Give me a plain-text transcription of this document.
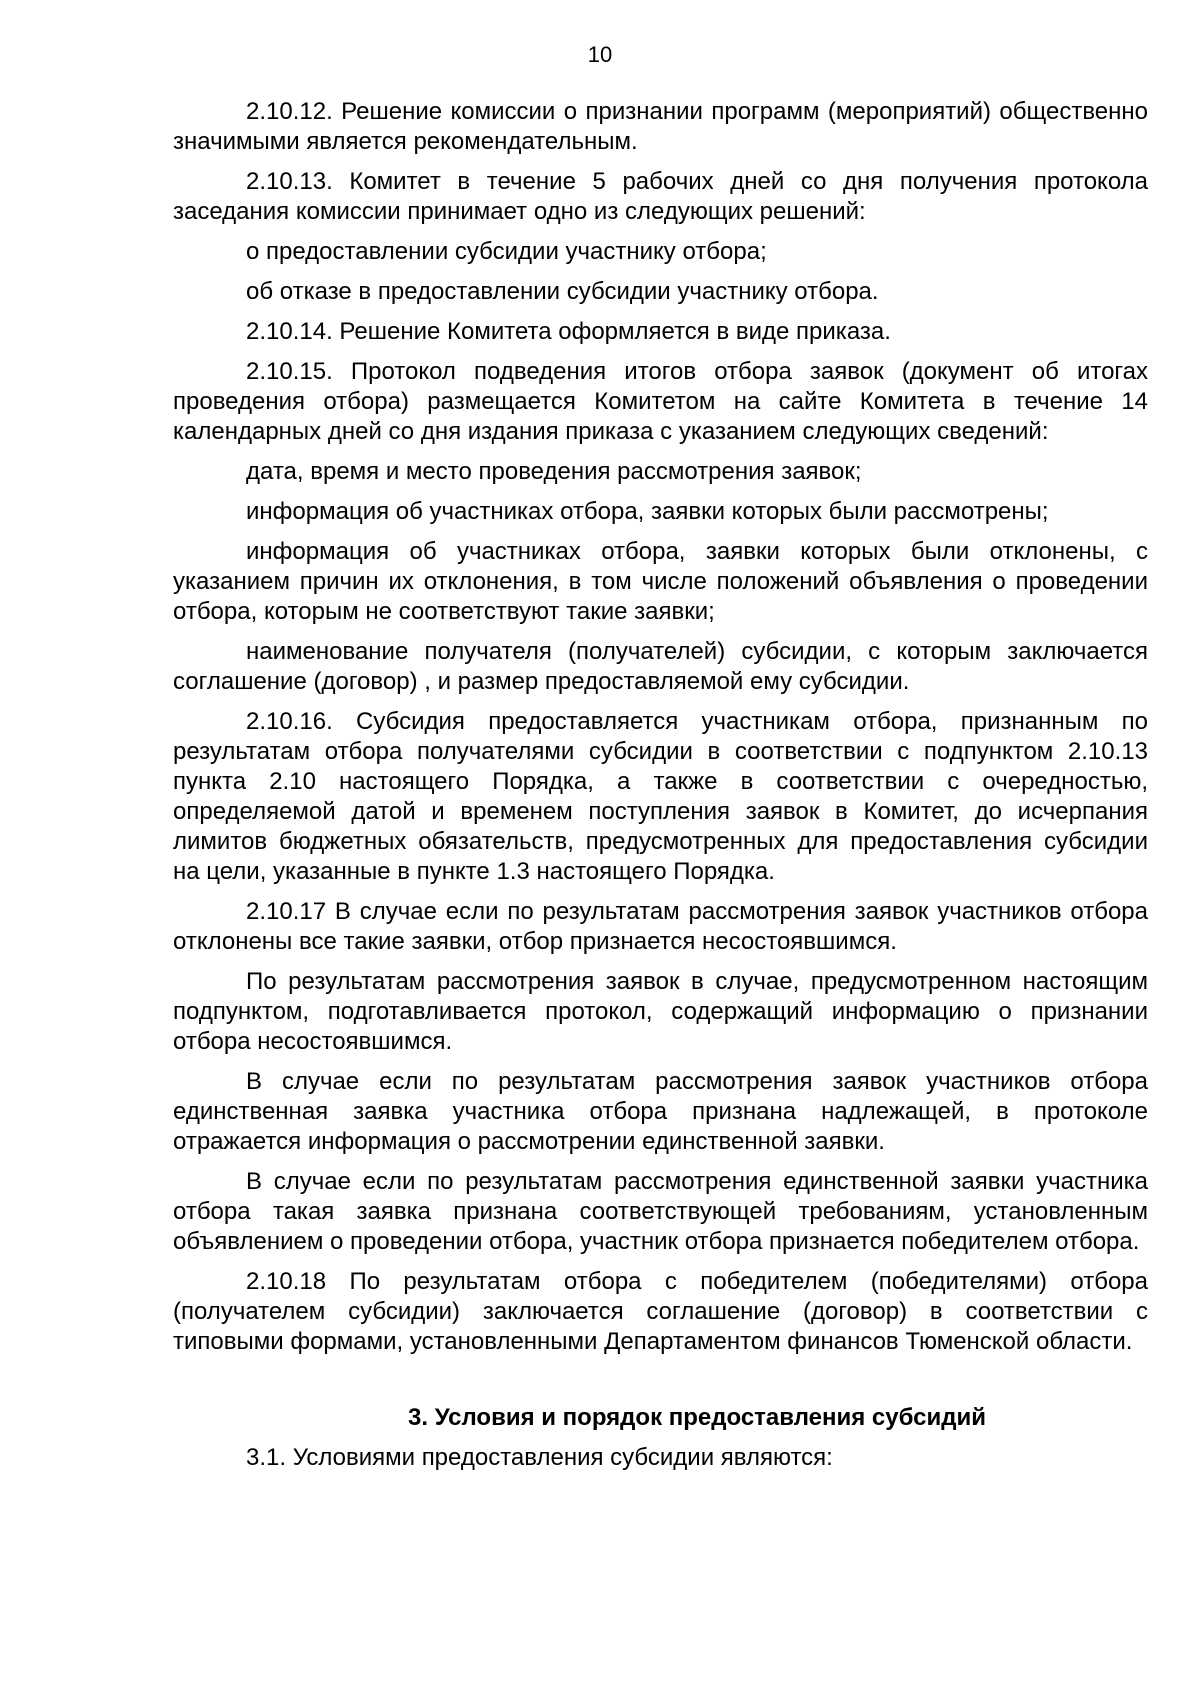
10

2.10.12. Решение комиссии о признании программ (мероприятий) общественно значимыми является рекомендательным.

2.10.13. Комитет в течение 5 рабочих дней со дня получения протокола заседания комиссии принимает одно из следующих решений:

о предоставлении субсидии участнику отбора;

об отказе в предоставлении субсидии участнику отбора.

2.10.14. Решение Комитета оформляется в виде приказа.

2.10.15. Протокол подведения итогов отбора заявок (документ об итогах проведения отбора) размещается Комитетом на сайте Комитета в течение 14 календарных дней со дня издания приказа с указанием следующих сведений:

дата, время и место проведения рассмотрения заявок;

информация об участниках отбора, заявки которых были рассмотрены;

информация об участниках отбора, заявки которых были отклонены, с указанием причин их отклонения, в том числе положений объявления о проведении отбора, которым не соответствуют такие заявки;

наименование получателя (получателей) субсидии, с которым заключается соглашение (договор) , и размер предоставляемой ему субсидии.

2.10.16. Субсидия предоставляется участникам отбора, признанным по результатам отбора получателями субсидии в соответствии с подпунктом 2.10.13 пункта 2.10 настоящего Порядка, а также в соответствии с очередностью, определяемой датой и временем поступления заявок в Комитет, до исчерпания лимитов бюджетных обязательств, предусмотренных для предоставления субсидии на цели, указанные в пункте 1.3 настоящего Порядка.

2.10.17 В случае если по результатам рассмотрения заявок участников отбора отклонены все такие заявки, отбор признается несостоявшимся.

По результатам рассмотрения заявок в случае, предусмотренном настоящим подпунктом, подготавливается протокол, содержащий информацию о признании отбора несостоявшимся.

В случае если по результатам рассмотрения заявок участников отбора единственная заявка участника отбора признана надлежащей, в протоколе отражается информация о рассмотрении единственной заявки.

В случае если по результатам рассмотрения единственной заявки участника отбора такая заявка признана соответствующей требованиям, установленным объявлением о проведении отбора, участник отбора признается победителем отбора.

2.10.18 По результатам отбора с победителем (победителями) отбора (получателем субсидии) заключается соглашение (договор) в соответствии с типовыми формами, установленными Департаментом финансов Тюменской области.

3. Условия и порядок предоставления субсидий

3.1. Условиями предоставления субсидии являются:
